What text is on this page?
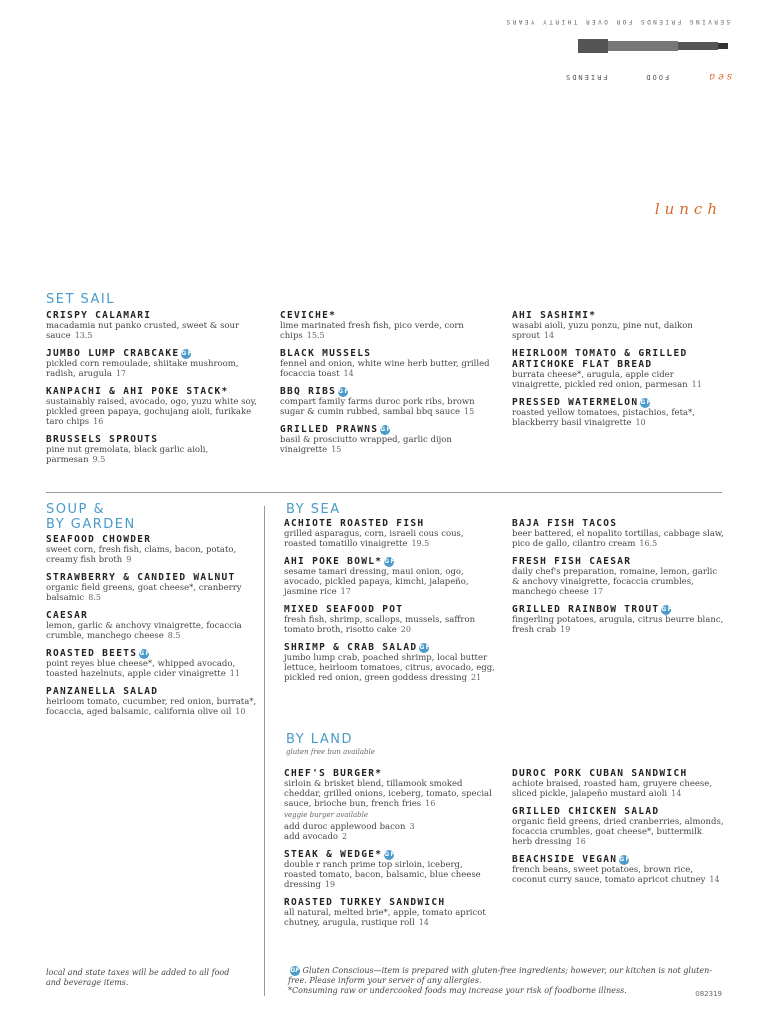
SERVING FRIENDS FOR OVER THIRTY YEARS
sea
FOOD
FRIENDS
lunch
SET SAIL
CRISPY CALAMARI
macadamia nut panko crusted, sweet & sour sauce 13.5
JUMBO LUMP CRABCAKE GF
pickled corn remoulade, shiitake mushroom, radish, arugula 17
KANPACHI & AHI POKE STACK*
sustainably raised, avocado, ogo, yuzu white soy, pickled green papaya, gochujang aioli, furikake taro chips 16
BRUSSELS SPROUTS
pine nut gremolata, black garlic aioli, parmesan 9.5
CEVICHE*
lime marinated fresh fish, pico verde, corn chips 15.5
BLACK MUSSELS
fennel and onion, white wine herb butter, grilled focaccia toast 14
BBQ RIBS GF
compart family farms duroc pork ribs, brown sugar & cumin rubbed, sambal bbq sauce 15
GRILLED PRAWNS GF
basil & prosciutto wrapped, garlic dijon vinaigrette 15
AHI SASHIMI*
wasabi aioli, yuzu ponzu, pine nut, daikon sprout 14
HEIRLOOM TOMATO & GRILLED ARTICHOKE FLAT BREAD
burrata cheese*, arugula, apple cider vinaigrette, pickled red onion, parmesan 11
PRESSED WATERMELON GF
roasted yellow tomatoes, pistachios, feta*, blackberry basil vinaigrette 10
SOUP &
BY GARDEN
SEAFOOD CHOWDER
sweet corn, fresh fish, clams, bacon, potato, creamy fish broth 9
STRAWBERRY & CANDIED WALNUT
organic field greens, goat cheese*, cranberry balsamic 8.5
CAESAR
lemon, garlic & anchovy vinaigrette, focaccia crumble, manchego cheese 8.5
ROASTED BEETS GF
point reyes blue cheese*, whipped avocado, toasted hazelnuts, apple cider vinaigrette 11
PANZANELLA SALAD
heirloom tomato, cucumber, red onion, burrata*, focaccia, aged balsamic, california olive oil 10
BY SEA
ACHIOTE ROASTED FISH
grilled asparagus, corn, israeli cous cous, roasted tomatillo vinaigrette 19.5
AHI POKE BOWL* GF
sesame tamari dressing, maui onion, ogo, avocado, pickled papaya, kimchi, jalapeño, jasmine rice 17
MIXED SEAFOOD POT
fresh fish, shrimp, scallops, mussels, saffron tomato broth, risotto cake 20
SHRIMP & CRAB SALAD GF
jumbo lump crab, poached shrimp, local butter lettuce, heirloom tomatoes, citrus, avocado, egg, pickled red onion, green goddess dressing 21
BAJA FISH TACOS
beer battered, el nopalito tortillas, cabbage slaw, pico de gallo, cilantro cream 16.5
FRESH FISH CAESAR
daily chef's preparation, romaine, lemon, garlic & anchovy vinaigrette, focaccia crumbles, manchego cheese 17
GRILLED RAINBOW TROUT GF
fingerling potatoes, arugula, citrus beurre blanc, fresh crab 19
BY LAND
gluten free bun available
CHEF'S BURGER*
sirloin & brisket blend, tillamook smoked cheddar, grilled onions, iceberg, tomato, special sauce, brioche bun, french fries 16
veggie burger available
add duroc applewood bacon 3
add avocado 2
STEAK & WEDGE* GF
double r ranch prime top sirloin, iceberg, roasted tomato, bacon, balsamic, blue cheese dressing 19
ROASTED TURKEY SANDWICH
all natural, melted brie*, apple, tomato apricot chutney, arugula, rustique roll 14
DUROC PORK CUBAN SANDWICH
achiote braised, roasted ham, gruyere cheese, sliced pickle, jalapeño mustard aioli 14
GRILLED CHICKEN SALAD
organic field greens, dried cranberries, almonds, focaccia crumbles, goat cheese*, buttermilk herb dressing 16
BEACHSIDE VEGAN GF
french beans, sweet potatoes, brown rice, coconut curry sauce, tomato apricot chutney 14
local and state taxes will be added to all food and beverage items.
GF Gluten Conscious—item is prepared with gluten-free ingredients; however, our kitchen is not gluten-free. Please inform your server of any allergies.
*Consuming raw or undercooked foods may increase your risk of foodborne illness.	082319
